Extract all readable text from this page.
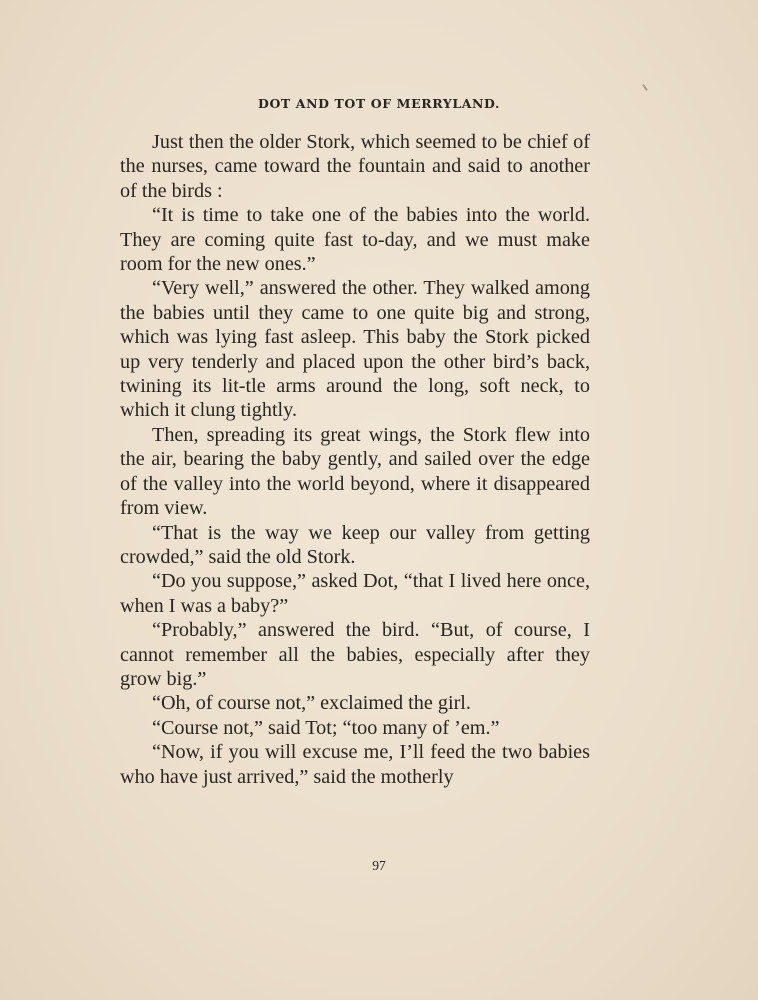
DOT AND TOT OF MERRYLAND.

Just then the older Stork, which seemed to be chief of the nurses, came toward the fountain and said to another of the birds :

“It is time to take one of the babies into the world. They are coming quite fast to-day, and we must make room for the new ones.”

“Very well,” answered the other. They walked among the babies until they came to one quite big and strong, which was lying fast asleep. This baby the Stork picked up very tenderly and placed upon the other bird’s back, twining its lit-tle arms around the long, soft neck, to which it clung tightly.

Then, spreading its great wings, the Stork flew into the air, bearing the baby gently, and sailed over the edge of the valley into the world beyond, where it disappeared from view.

“That is the way we keep our valley from getting crowded,” said the old Stork.

“Do you suppose,” asked Dot, “that I lived here once, when I was a baby?”

“Probably,” answered the bird. “But, of course, I cannot remember all the babies, especially after they grow big.”

“Oh, of course not,” exclaimed the girl.

“Course not,” said Tot; “too many of ’em.”

“Now, if you will excuse me, I’ll feed the two babies who have just arrived,” said the motherly

97
